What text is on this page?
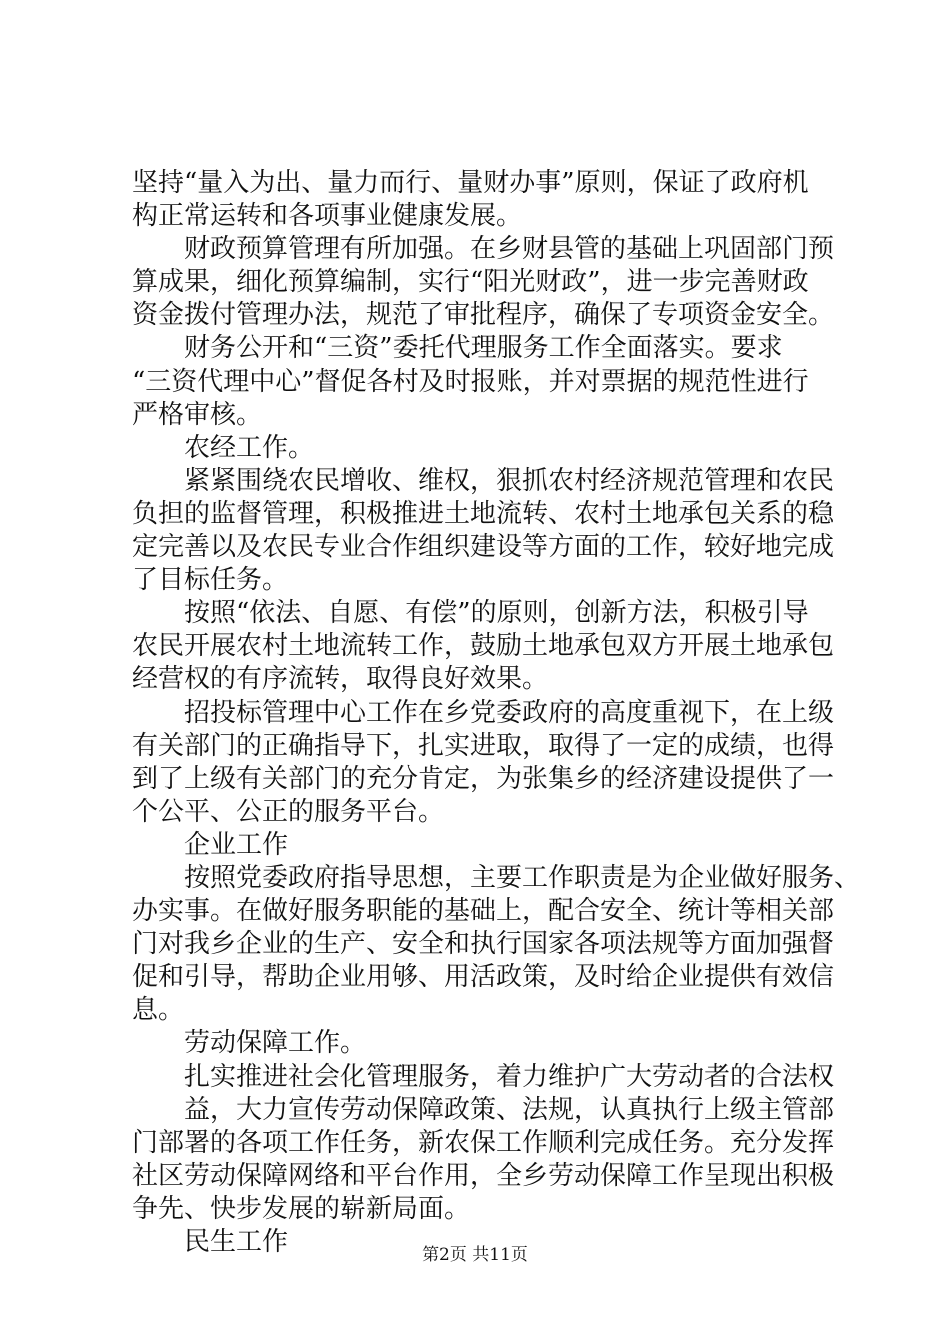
坚持“量入为出、量力而行、量财办事”原则，保证了政府机
构正常运转和各项事业健康发展。
财政预算管理有所加强。在乡财县管的基础上巩固部门预
算成果，细化预算编制，实行“阳光财政”，进一步完善财政
资金拨付管理办法，规范了审批程序，确保了专项资金安全。
财务公开和“三资”委托代理服务工作全面落实。要求
“三资代理中心”督促各村及时报账，并对票据的规范性进行
严格审核。
农经工作。
紧紧围绕农民增收、维权，狠抓农村经济规范管理和农民
负担的监督管理，积极推进土地流转、农村土地承包关系的稳
定完善以及农民专业合作组织建设等方面的工作，较好地完成
了目标任务。
按照“依法、自愿、有偿”的原则，创新方法，积极引导
农民开展农村土地流转工作，鼓励土地承包双方开展土地承包
经营权的有序流转，取得良好效果。
招投标管理中心工作在乡党委政府的高度重视下，在上级
有关部门的正确指导下，扎实进取，取得了一定的成绩，也得
到了上级有关部门的充分肯定，为张集乡的经济建设提供了一
个公平、公正的服务平台。
企业工作
按照党委政府指导思想，主要工作职责是为企业做好服务、
办实事。在做好服务职能的基础上，配合安全、统计等相关部
门对我乡企业的生产、安全和执行国家各项法规等方面加强督
促和引导，帮助企业用够、用活政策，及时给企业提供有效信
息。
劳动保障工作。
扎实推进社会化管理服务，着力维护广大劳动者的合法权
益，大力宣传劳动保障政策、法规，认真执行上级主管部
门部署的各项工作任务，新农保工作顺利完成任务。充分发挥
社区劳动保障网络和平台作用，全乡劳动保障工作呈现出积极
争先、快步发展的崭新局面。
民生工作	第2页 共11页
